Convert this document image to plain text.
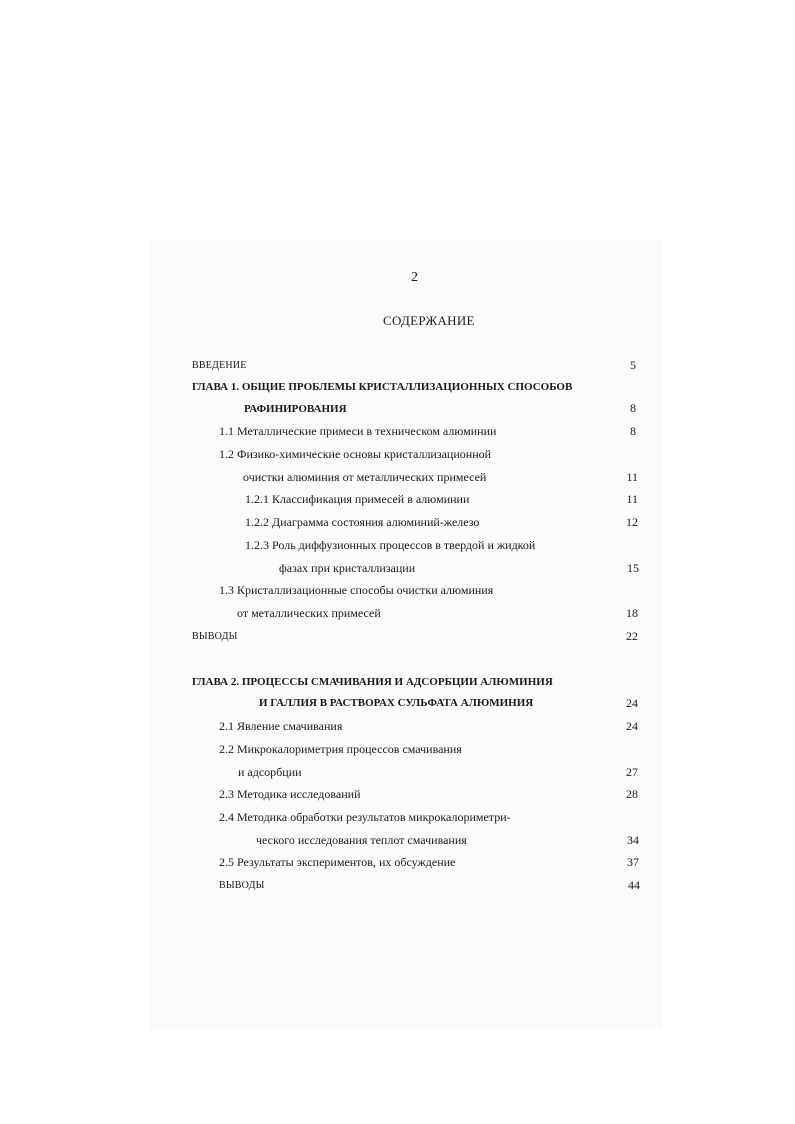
2
СОДЕРЖАНИЕ
ВВЕДЕНИЕ	5
ГЛАВА 1. ОБЩИЕ ПРОБЛЕМЫ КРИСТАЛЛИЗАЦИОННЫХ СПОСОБОВ
РАФИНИРОВАНИЯ	8
1.1 Металлические примеси в техническом алюминии	8
1.2 Физико-химические основы кристаллизационной
очистки алюминия от металлических примесей	11
1.2.1 Классификация примесей в алюминии	11
1.2.2 Диаграмма состояния алюминий-железо	12
1.2.3 Роль диффузионных процессов в твердой и жидкой
фазах при кристаллизации	15
1.3 Кристаллизационные способы очистки алюминия
от металлических примесей	18
ВЫВОДЫ	22
ГЛАВА 2. ПРОЦЕССЫ СМАЧИВАНИЯ И АДСОРБЦИИ АЛЮМИНИЯ
И ГАЛЛИЯ В РАСТВОРАХ СУЛЬФАТА АЛЮМИНИЯ	24
2.1 Явление смачивания	24
2.2 Микрокалориметрия процессов смачивания
и адсорбции	27
2.3 Методика исследований	28
2.4 Методика обработки результатов микрокалориметри-
ческого исследования теплот смачивания	34
2.5 Результаты экспериментов, их обсуждение	37
ВЫВОДЫ	44
